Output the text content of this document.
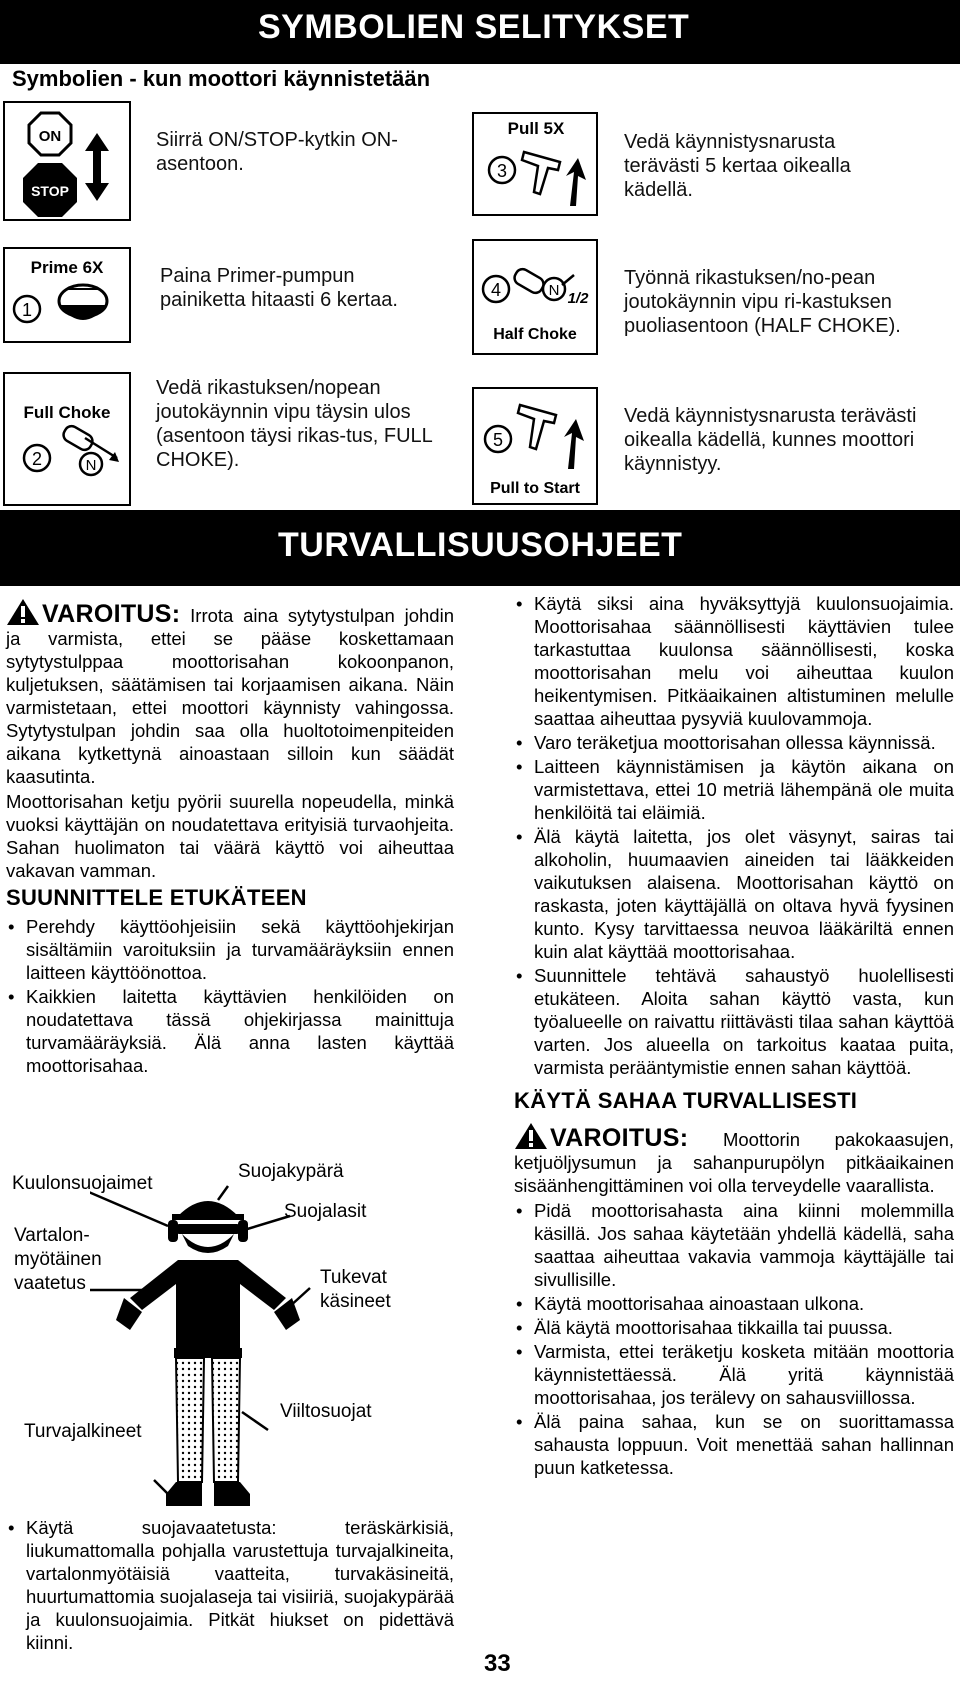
SYMBOLIEN SELITYKSET
Symbolien - kun moottori käynnistetään
ON
STOP
Siirrä ON/STOP-kytkin ON-asentoon.
Pull 5X
3
Vedä käynnistysnarusta terävästi 5 kertaa oikealla kädellä.
Prime 6X
1
Paina Primer-pumpun painiketta hitaasti 6 kertaa.	4	N 1/2
Half Choke
Työnnä rikastuksen/no-pean joutokäynnin vipu ri-kastuksen puoliasentoon (HALF CHOKE).
Full Choke
2	N
Vedä rikastuksen/nopean joutokäynnin vipu täysin ulos (asentoon täysi rikas-tus, FULL CHOKE).
5
Pull to Start
Vedä käynnistysnarusta terävästi oikealla kädellä, kunnes moottori käynnistyy.
TURVALLISUUSOHJEET

VAROITUS: Irrota aina sytytystulpan johdin ja varmista, ettei se pääse koskettamaan sytytystulppaa moottorisahan kokoonpanon, kuljetuksen, säätämisen tai korjaamisen aikana. Näin varmistetaan, ettei moottori käynnisty vahingossa. Sytytystulpan johdin saa olla huoltotoimenpiteiden aikana kytkettynä ainoastaan silloin kun säädät kaasutinta.

Moottorisahan ketju pyörii suurella nopeudella, minkä vuoksi käyttäjän on noudatettava erityisiä turvaohjeita. Sahan huolimaton tai väärä käyttö voi aiheuttaa vakavan vamman.

SUUNNITTELE ETUKÄTEEN
• Perehdy käyttöohjeisiin sekä käyttöohjekirjan sisältämiin varoituksiin ja turvamääräyksiin ennen laitteen käyttöönottoa.
• Kaikkien laitetta käyttävien henkilöiden on noudatettava tässä ohjekirjassa mainittuja turvamääräyksiä. Älä anna lasten käyttää moottorisahaa.
Suojakypärä
Kuulonsuojaimet
Suojalasit
Vartalon-
myötäinen
vaatetus	Tukevat
käsineet
Viiltosuojat
Turvajalkineet
• Käytä suojavaatetusta: teräskärkisiä, liukumattomalla pohjalla varustettuja turvajalkineita, vartalonmyötäisiä vaatteita, turvakäsineitä, huurtumattomia suojalaseja tai visiiriä, suojakypärää ja kuulonsuojaimia. Pitkät hiukset on pidettävä kiinni.
• Käytä siksi aina hyväksyttyjä kuulonsuojaimia. Moottorisahaa säännöllisesti käyttävien tulee tarkastuttaa kuulonsa säännöllisesti, koska moottorisahan melu voi aiheuttaa kuulon heikentymisen. Pitkäaikainen altistuminen melulle saattaa aiheuttaa pysyviä kuulovammoja.
• Varo teräketjua moottorisahan ollessa käynnissä.
• Laitteen käynnistämisen ja käytön aikana on varmistettava, ettei 10 metriä lähempänä ole muita henkilöitä tai eläimiä.
• Älä käytä laitetta, jos olet väsynyt, sairas tai alkoholin, huumaavien aineiden tai lääkkeiden vaikutuksen alaisena. Moottorisahan käyttö on raskasta, joten käyttäjällä on oltava hyvä fyysinen kunto. Kysy tarvittaessa neuvoa lääkäriltä ennen kuin alat käyttää moottorisahaa.
• Suunnittele tehtävä sahaustyö huolellisesti etukäteen. Aloita sahan käyttö vasta, kun työalueelle on raivattu riittävästi tilaa sahan käyttöä varten. Jos alueella on tarkoitus kaataa puita, varmista perääntymistie ennen sahan käyttöä.
KÄYTÄ SAHAA TURVALLISESTI

VAROITUS: Moottorin pakokaasujen, ketjuöljysumun ja sahanpurupölyn pitkäaikainen sisäänhengittäminen voi olla terveydelle vaarallista.

• Pidä moottorisahasta aina kiinni molemmilla käsillä. Jos sahaa käytetään yhdellä kädellä, saha saattaa aiheuttaa vakavia vammoja käyttäjälle tai sivullisille.
• Käytä moottorisahaa ainoastaan ulkona.
• Älä käytä moottorisahaa tikkailla tai puussa.
• Varmista, ettei teräketju kosketa mitään moottoria käynnistettäessä. Älä yritä käynnistää moottorisahaa, jos terälevy on sahausviillossa.
• Älä paina sahaa, kun se on suorittamassa sahausta loppuun. Voit menettää sahan hallinnan puun katketessa.
33
